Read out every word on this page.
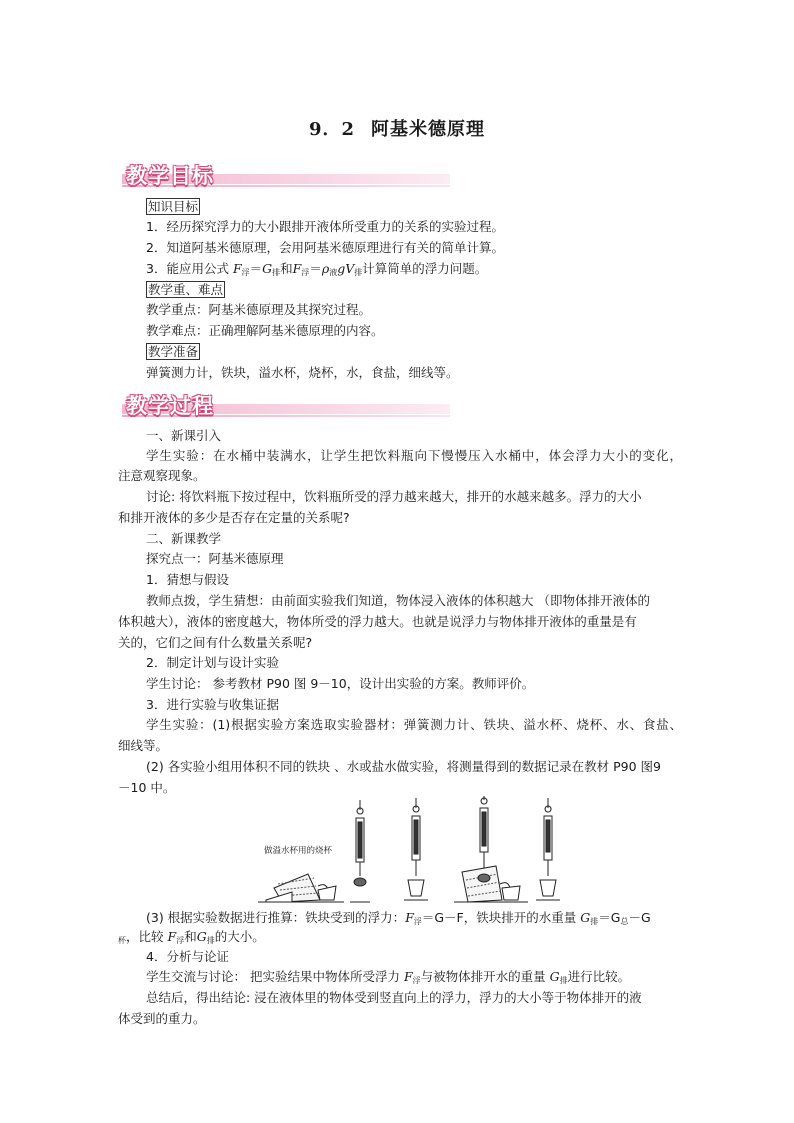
9．2 阿基米德原理
教学目标
知识目标
1．经历探究浮力的大小跟排开液体所受重力的关系的实验过程。
2．知道阿基米德原理，会用阿基米德原理进行有关的简单计算。
3．能应用公式 $F_浮=G_排$和$F_浮=\rho_液gV_排$计算简单的浮力问题。
教学重、难点
教学重点：阿基米德原理及其探究过程。
教学难点：正确理解阿基米德原理的内容。
教学准备
弹簧测力计，铁块，溢水杯，烧杯，水，食盐，细线等。
教学过程
一、新课引入
学生实验：在水桶中装满水，让学生把饮料瓶向下慢慢压入水桶中，体会浮力大小的变化，
注意观察现象。
讨论: 将饮料瓶下按过程中，饮料瓶所受的浮力越来越大，排开的水越来越多。浮力的大小
和排开液体的多少是否存在定量的关系呢?
二、新课教学
探究点一：阿基米德原理
1．猜想与假设
教师点拨，学生猜想：由前面实验我们知道，物体浸入液体的体积越大 （即物体排开液体的
体积越大），液体的密度越大，物体所受的浮力越大。也就是说浮力与物体排开液体的重量是有
关的，它们之间有什么数量关系呢?
2．制定计划与设计实验
学生讨论： 参考教材 P90 图 9－10，设计出实验的方案。教师评价。
3．进行实验与收集证据
学生实验：(1)根据实验方案选取实验器材：弹簧测力计、铁块、溢水杯、烧杯、水、食盐、
细线等。
(2) 各实验小组用体积不同的铁块 、水或盐水做实验，将测量得到的数据记录在教材 P90 图9
－10 中。
做溢水杯用的烧杯
(3) 根据实验数据进行推算：铁块受到的浮力：$F_浮=G-F$，铁块排开的水重量 $G_排=G_总-G$
$_杯$，比较 $F_浮$和$G_排$的大小。
4．分析与论证
学生交流与讨论： 把实验结果中物体所受浮力 $F_浮$与被物体排开水的重量 $G_排$进行比较。
总结后，得出结论: 浸在液体里的物体受到竖直向上的浮力，浮力的大小等于物体排开的液
体受到的重力。
